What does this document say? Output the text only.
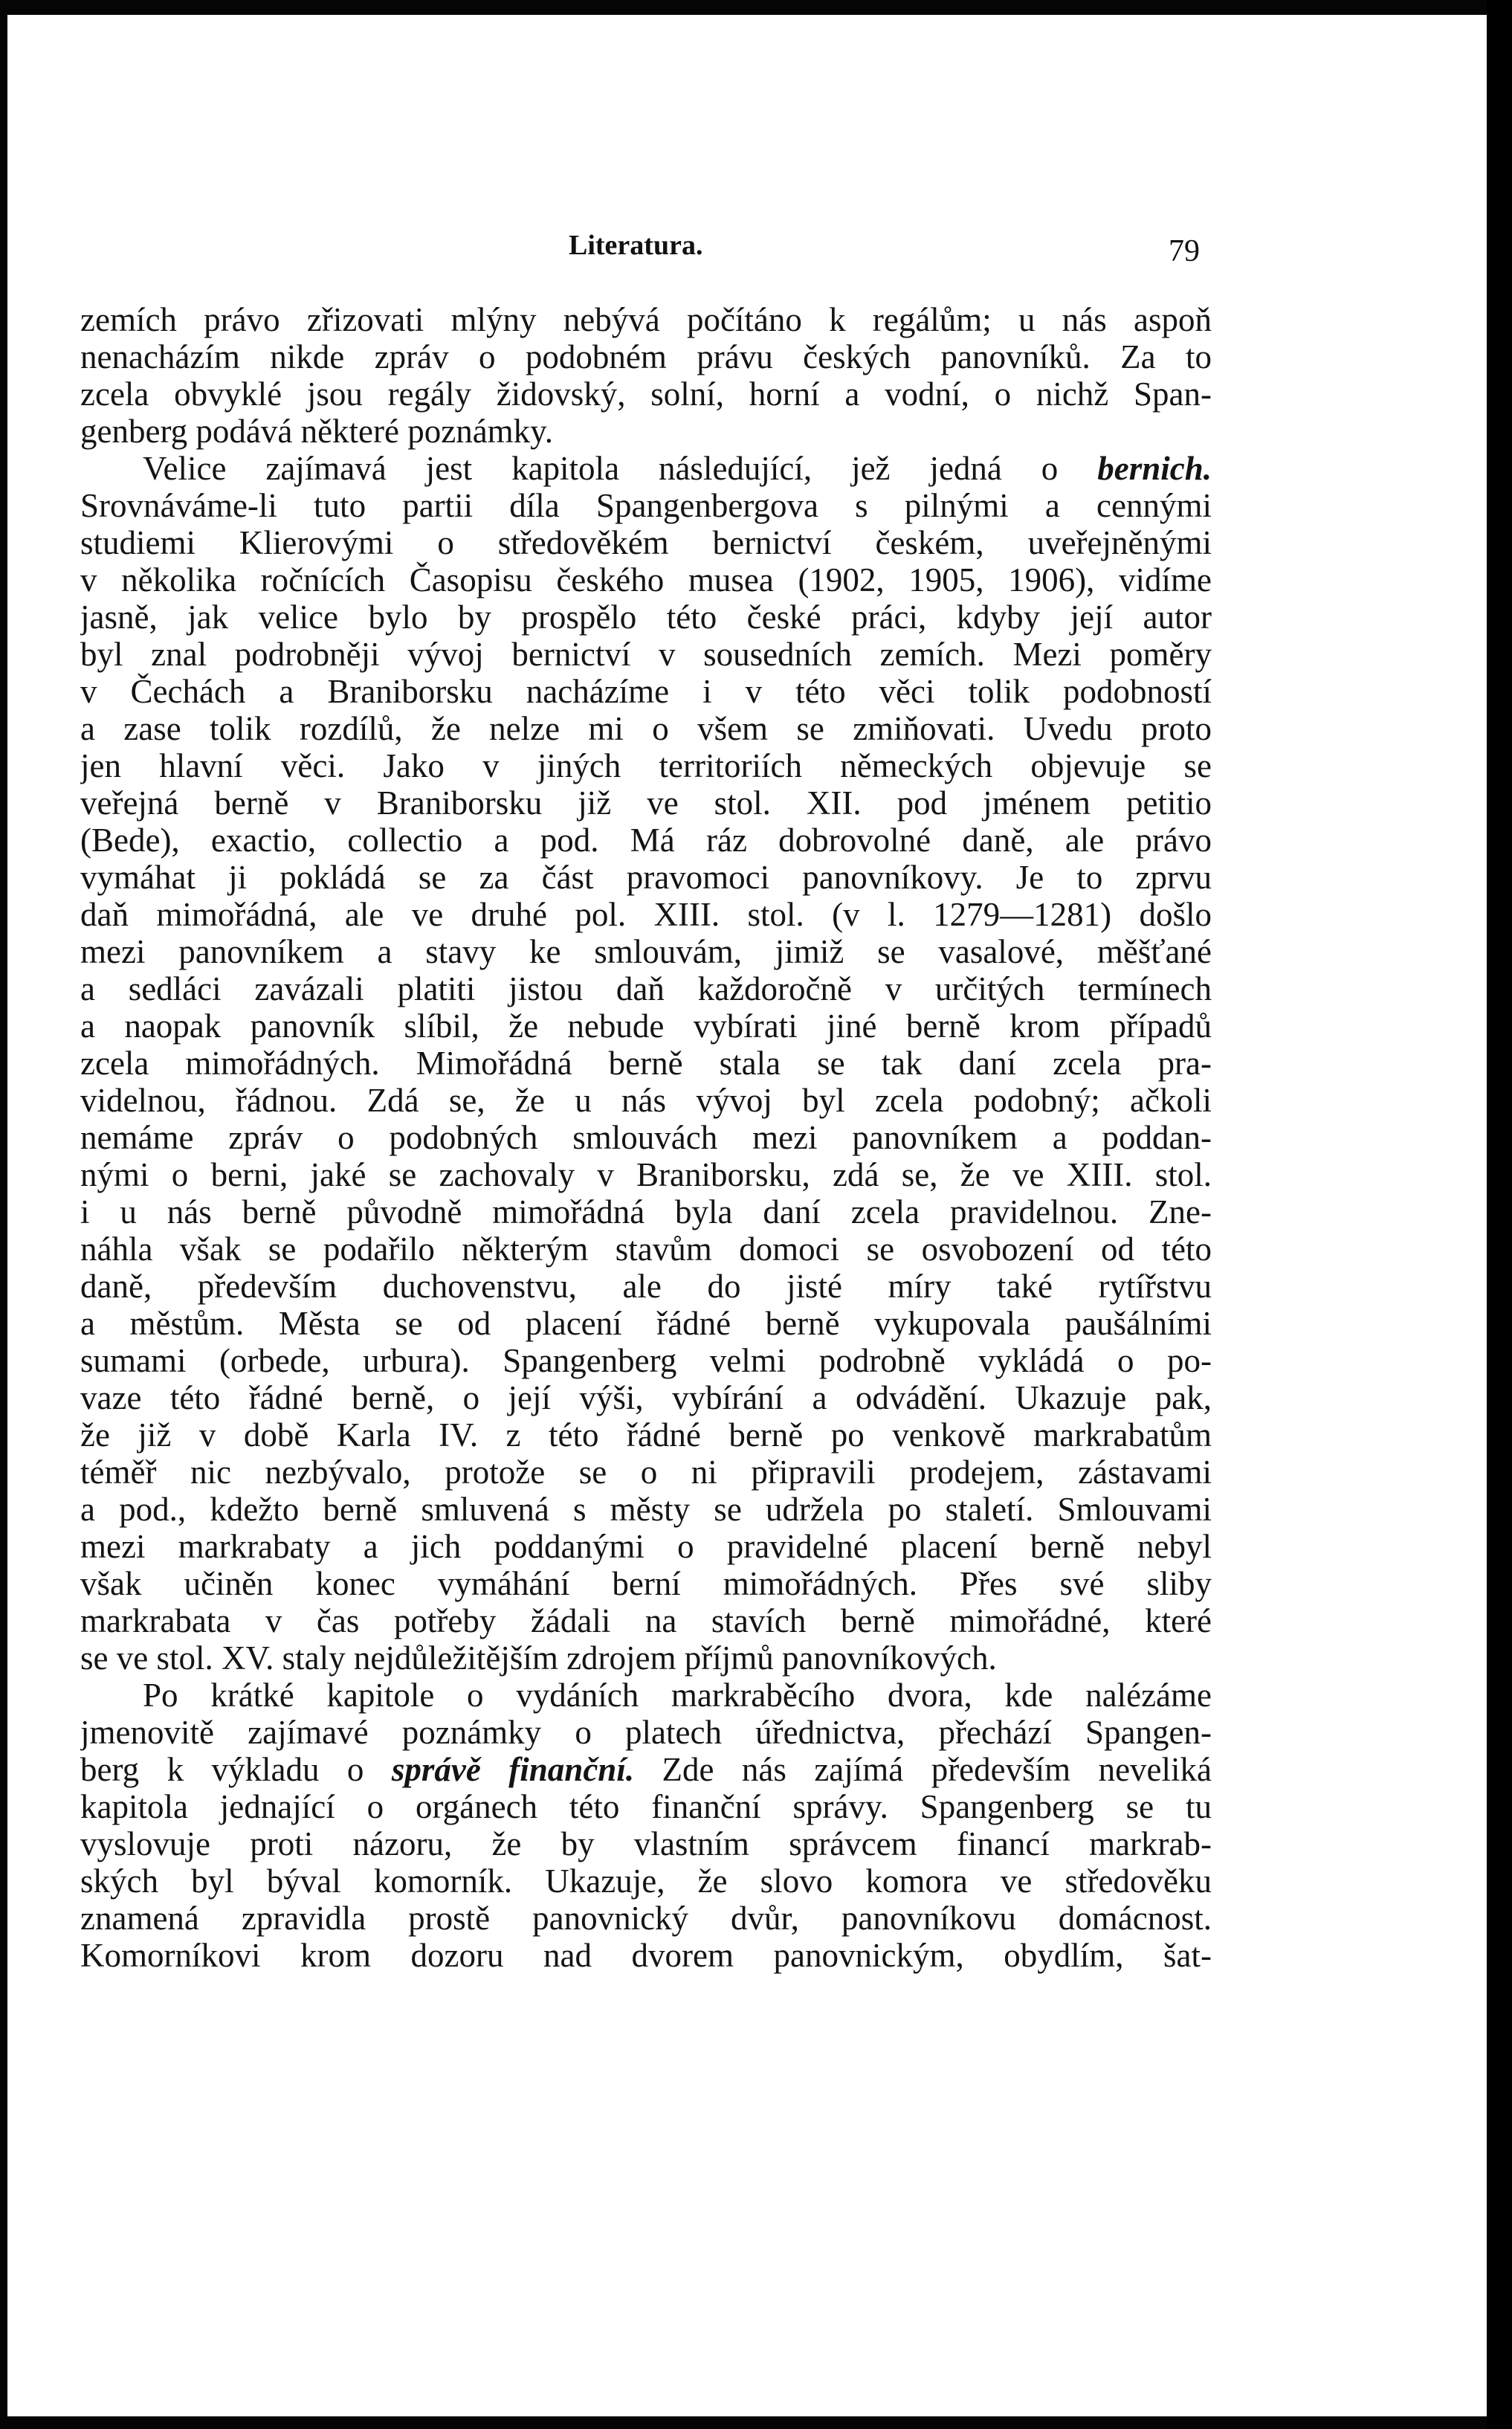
Literatura.	79
zemích právo zřizovati mlýny nebývá počítáno k regálům; u nás aspoň
nenacházím nikde zpráv o podobném právu českých panovníků. Za to
zcela obvyklé jsou regály židovský, solní, horní a vodní, o nichž Span-
genberg podává některé poznámky.
Velice zajímavá jest kapitola následující, jež jedná o bernich.
Srovnáváme-li tuto partii díla Spangenbergova s pilnými a cennými
studiemi Klierovými o středověkém bernictví českém, uveřejněnými
v několika ročnících Časopisu českého musea (1902, 1905, 1906), vidíme
jasně, jak velice bylo by prospělo této české práci, kdyby její autor
byl znal podrobněji vývoj bernictví v sousedních zemích. Mezi poměry
v Čechách a Braniborsku nacházíme i v této věci tolik podobností
a zase tolik rozdílů, že nelze mi o všem se zmiňovati. Uvedu proto
jen hlavní věci. Jako v jiných territoriích německých objevuje se
veřejná berně v Braniborsku již ve stol. XII. pod jménem petitio
(Bede), exactio, collectio a pod. Má ráz dobrovolné daně, ale právo
vymáhat ji pokládá se za část pravomoci panovníkovy. Je to zprvu
daň mimořádná, ale ve druhé pol. XIII. stol. (v l. 1279—1281) došlo
mezi panovníkem a stavy ke smlouvám, jimiž se vasalové, měšťané
a sedláci zavázali platiti jistou daň každoročně v určitých termínech
a naopak panovník slíbil, že nebude vybírati jiné berně krom případů
zcela mimořádných. Mimořádná berně stala se tak daní zcela pra-
videlnou, řádnou. Zdá se, že u nás vývoj byl zcela podobný; ačkoli
nemáme zpráv o podobných smlouvách mezi panovníkem a poddan-
nými o berni, jaké se zachovaly v Braniborsku, zdá se, že ve XIII. stol.
i u nás berně původně mimořádná byla daní zcela pravidelnou. Zne-
náhla však se podařilo některým stavům domoci se osvobození od této
daně, především duchovenstvu, ale do jisté míry také rytířstvu
a městům. Města se od placení řádné berně vykupovala paušálními
sumami (orbede, urbura). Spangenberg velmi podrobně vykládá o po-
vaze této řádné berně, o její výši, vybírání a odvádění. Ukazuje pak,
že již v době Karla IV. z této řádné berně po venkově markrabatům
téměř nic nezbývalo, protože se o ni připravili prodejem, zástavami
a pod., kdežto berně smluvená s městy se udržela po staletí. Smlouvami
mezi markrabaty a jich poddanými o pravidelné placení berně nebyl
však učiněn konec vymáhání berní mimořádných. Přes své sliby
markrabata v čas potřeby žádali na stavích berně mimořádné, které
se ve stol. XV. staly nejdůležitějším zdrojem příjmů panovníkových.
Po krátké kapitole o vydáních markraběcího dvora, kde nalézáme
jmenovitě zajímavé poznámky o platech úřednictva, přechází Spangen-
berg k výkladu o správě finanční. Zde nás zajímá především neveliká
kapitola jednající o orgánech této finanční správy. Spangenberg se tu
vyslovuje proti názoru, že by vlastním správcem financí markrab-
ských byl býval komorník. Ukazuje, že slovo komora ve středověku
znamená zpravidla prostě panovnický dvůr, panovníkovu domácnost.
Komorníkovi krom dozoru nad dvorem panovnickým, obydlím, šat-
